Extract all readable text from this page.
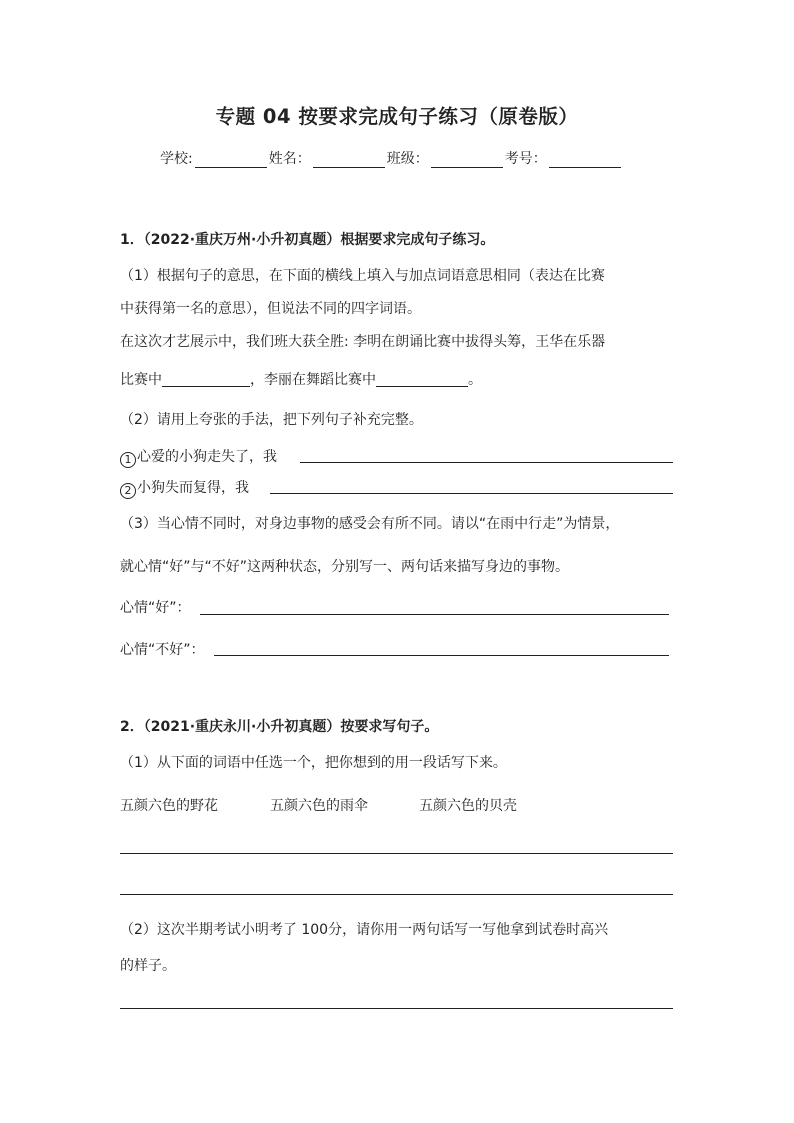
专题 04 按要求完成句子练习（原卷版）
学校:	姓名：	班级：	考号：
1．（2022·重庆万州·小升初真题）根据要求完成句子练习。
（1）根据句子的意思，在下面的横线上填入与加点词语意思相同（表达在比赛
中获得第一名的意思），但说法不同的四字词语。
在这次才艺展示中，我们班大获全胜: 李明在朗诵比赛中拔得头筹，王华在乐器
比赛中	，李丽在舞蹈比赛中	。
（2）请用上夸张的手法，把下列句子补充完整。
1 心爱的小狗走失了，我
2 小狗失而复得，我
（3）当心情不同时，对身边事物的感受会有所不同。请以“在雨中行走”为情景，
就心情“好”与“不好”这两种状态，分别写一、两句话来描写身边的事物。
心情“好”：
心情“不好”：
2．（2021·重庆永川·小升初真题）按要求写句子。
（1）从下面的词语中任选一个，把你想到的用一段话写下来。
五颜六色的野花	五颜六色的雨伞	五颜六色的贝壳
（2）这次半期考试小明考了 100分，请你用一两句话写一写他拿到试卷时高兴
的样子。
